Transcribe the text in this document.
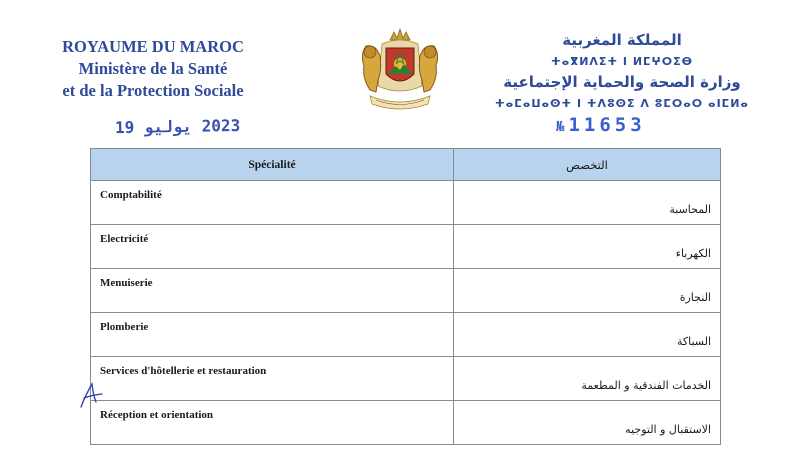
ROYAUME DU MAROC
Ministère de la Santé
et de la Protection Sociale
المملكة المغربية
ⵜⴰⴳⵍⴷⵉⵜ ⵏ ⵍⵎⵖⵔⵉⴱ
وزارة الصحة والحماية الإجتماعية
ⵜⴰⵎⴰⵡⴰⵙⵜ ⵏ ⵜⴷⵓⵙⵉ ⴷ ⵓⵎⵔⴰⵔ ⴰⵏⵎⵍⴰ
2023 يوليو 19	№ 11653
Spécialité	التخصص
Comptabilité	المحاسبة
Electricité	الكهرباء
Menuiserie	النجارة
Plomberie	السباكة
Services d'hôtellerie et restauration	الخدمات الفندقية و المطعمة
Réception et orientation	الاستقبال و التوجيه
